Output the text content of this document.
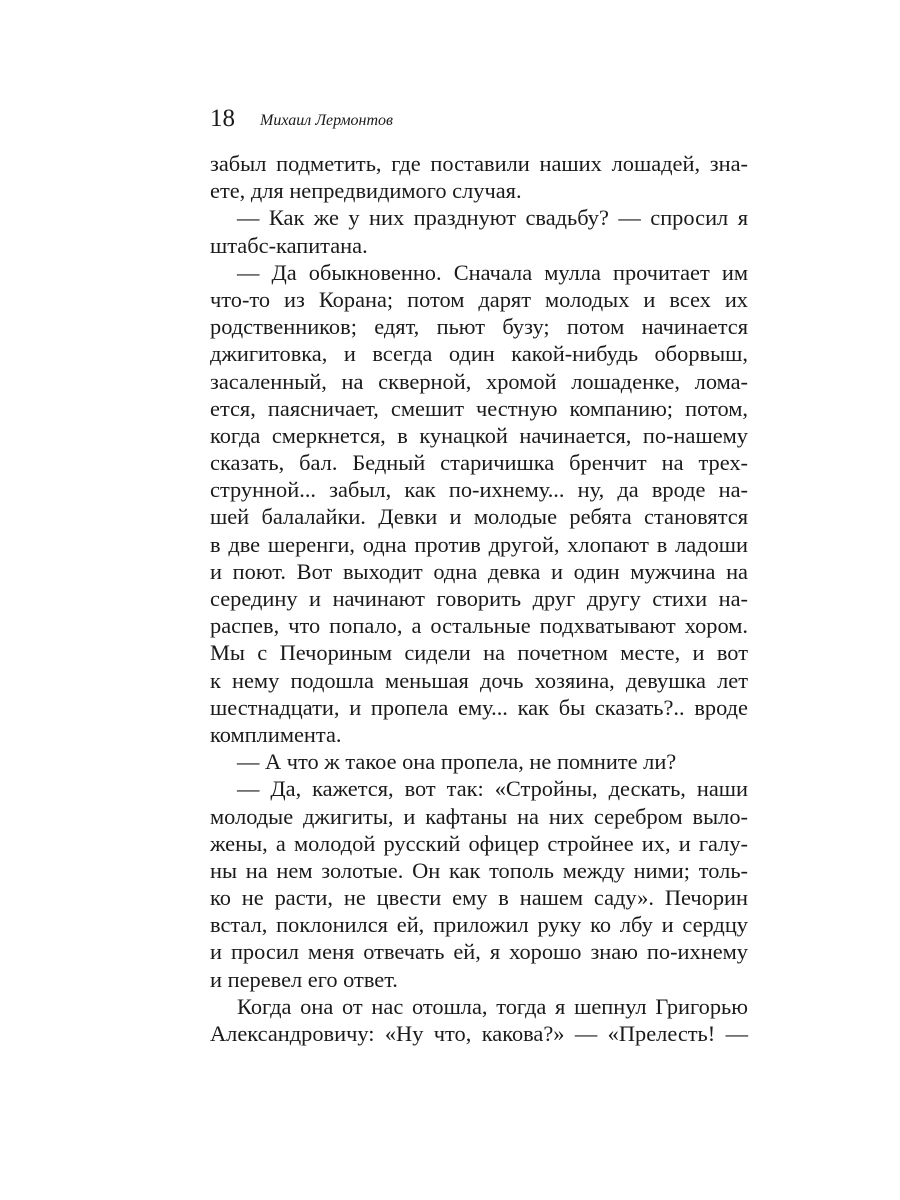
18 Михаил Лермонтов
забыл подметить, где поставили наших лошадей, зна-
ете, для непредвидимого случая.
— Как же у них празднуют свадьбу? — спросил я
штабс-капитана.
— Да обыкновенно. Сначала мулла прочитает им
что-то из Корана; потом дарят молодых и всех их
родственников; едят, пьют бузу; потом начинается
джигитовка, и всегда один какой-нибудь оборвыш,
засаленный, на скверной, хромой лошаденке, лома-
ется, паясничает, смешит честную компанию; потом,
когда смеркнется, в кунацкой начинается, по-нашему
сказать, бал. Бедный старичишка бренчит на трех-
струнной... забыл, как по-ихнему... ну, да вроде на-
шей балалайки. Девки и молодые ребята становятся
в две шеренги, одна против другой, хлопают в ладоши
и поют. Вот выходит одна девка и один мужчина на
середину и начинают говорить друг другу стихи на-
распев, что попало, а остальные подхватывают хором.
Мы с Печориным сидели на почетном месте, и вот
к нему подошла меньшая дочь хозяина, девушка лет
шестнадцати, и пропела ему... как бы сказать?.. вроде
комплимента.
— А что ж такое она пропела, не помните ли?
— Да, кажется, вот так: «Стройны, дескать, наши
молодые джигиты, и кафтаны на них серебром выло-
жены, а молодой русский офицер стройнее их, и галу-
ны на нем золотые. Он как тополь между ними; толь-
ко не расти, не цвести ему в нашем саду». Печорин
встал, поклонился ей, приложил руку ко лбу и сердцу
и просил меня отвечать ей, я хорошо знаю по-ихнему
и перевел его ответ.
Когда она от нас отошла, тогда я шепнул Григорью
Александровичу: «Ну что, какова?» — «Прелесть! —
